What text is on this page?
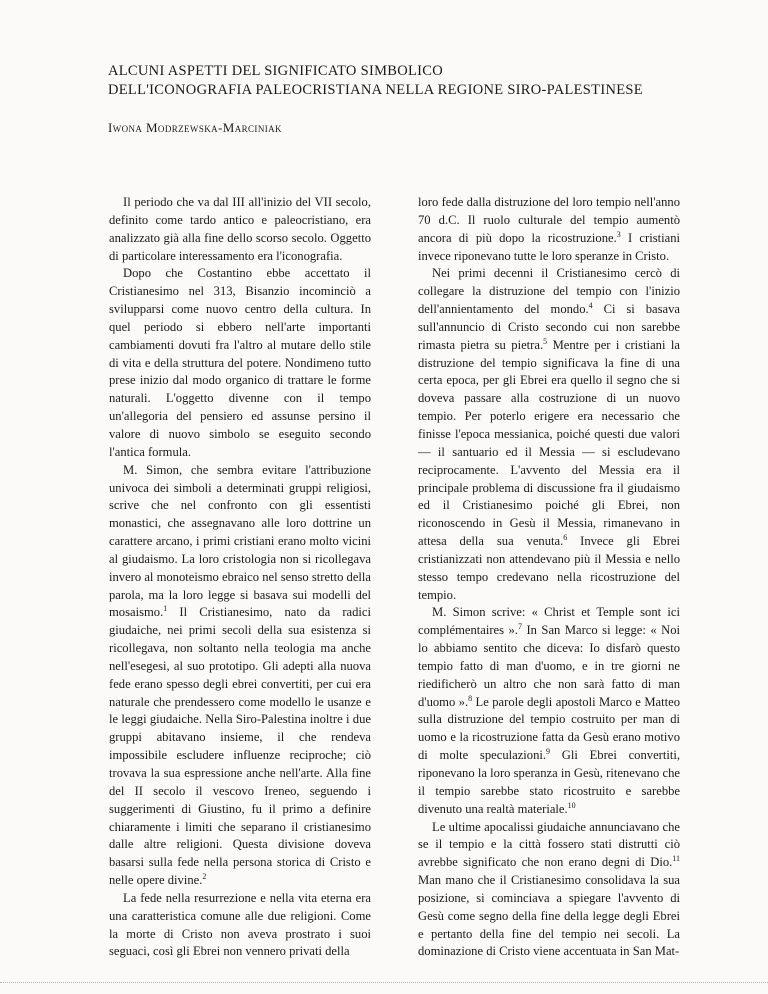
ALCUNI ASPETTI DEL SIGNIFICATO SIMBOLICO
DELL'ICONOGRAFIA PALEOCRISTIANA NELLA REGIONE SIRO-PALESTINESE
Iwona Modrzewska-Marciniak

Il periodo che va dal III all'inizio del VII secolo, definito come tardo antico e paleocristiano, era analizzato già alla fine dello scorso secolo. Oggetto di particolare interessamento era l'iconografia.

Dopo che Costantino ebbe accettato il Cristianesimo nel 313, Bisanzio incominciò a svilupparsi come nuovo centro della cultura. In quel periodo si ebbero nell'arte importanti cambiamenti dovuti fra l'altro al mutare dello stile di vita e della struttura del potere. Nondimeno tutto prese inizio dal modo organico di trattare le forme naturali. L'oggetto divenne con il tempo un'allegoria del pensiero ed assunse persino il valore di nuovo simbolo se eseguito secondo l'antica formula.

M. Simon, che sembra evitare l'attribuzione univoca dei simboli a determinati gruppi religiosi, scrive che nel confronto con gli essentisti monastici, che assegnavano alle loro dottrine un carattere arcano, i primi cristiani erano molto vicini al giudaismo. La loro cristologia non si ricollegava invero al monoteismo ebraico nel senso stretto della parola, ma la loro legge si basava sui modelli del mosaismo.$^1$ Il Cristianesimo, nato da radici giudaiche, nei primi secoli della sua esistenza si ricollegava, non soltanto nella teologia ma anche nell'esegesi, al suo prototipo. Gli adepti alla nuova fede erano spesso degli ebrei convertiti, per cui era naturale che prendessero come modello le usanze e le leggi giudaiche. Nella Siro-Palestina inoltre i due gruppi abitavano insieme, il che rendeva impossibile escludere influenze reciproche; ciò trovava la sua espressione anche nell'arte. Alla fine del II secolo il vescovo Ireneo, seguendo i suggerimenti di Giustino, fu il primo a definire chiaramente i limiti che separano il cristianesimo dalle altre religioni. Questa divisione doveva basarsi sulla fede nella persona storica di Cristo e nelle opere divine.$^2$

La fede nella resurrezione e nella vita eterna era una caratteristica comune alle due religioni. Come la morte di Cristo non aveva prostrato i suoi seguaci, così gli Ebrei non vennero privati della

loro fede dalla distruzione del loro tempio nell'anno 70 d.C. Il ruolo culturale del tempio aumentò ancora di più dopo la ricostruzione.$^3$ I cristiani invece riponevano tutte le loro speranze in Cristo.

Nei primi decenni il Cristianesimo cercò di collegare la distruzione del tempio con l'inizio dell'annientamento del mondo.$^4$ Ci si basava sull'annuncio di Cristo secondo cui non sarebbe rimasta pietra su pietra.$^5$ Mentre per i cristiani la distruzione del tempio significava la fine di una certa epoca, per gli Ebrei era quello il segno che si doveva passare alla costruzione di un nuovo tempio. Per poterlo erigere era necessario che finisse l'epoca messianica, poiché questi due valori — il santuario ed il Messia — si escludevano reciprocamente. L'avvento del Messia era il principale problema di discussione fra il giudaismo ed il Cristianesimo poiché gli Ebrei, non riconoscendo in Gesù il Messia, rimanevano in attesa della sua venuta.$^6$ Invece gli Ebrei cristianizzati non attendevano più il Messia e nello stesso tempo credevano nella ricostruzione del tempio.

M. Simon scrive: « Christ et Temple sont ici complémentaires ».$^7$ In San Marco si legge: « Noi lo abbiamo sentito che diceva: Io disfarò questo tempio fatto di man d'uomo, e in tre giorni ne riedificherò un altro che non sarà fatto di man d'uomo ».$^8$ Le parole degli apostoli Marco e Matteo sulla distruzione del tempio costruito per man di uomo e la ricostruzione fatta da Gesù erano motivo di molte speculazioni.$^9$ Gli Ebrei convertiti, riponevano la loro speranza in Gesù, ritenevano che il tempio sarebbe stato ricostruito e sarebbe divenuto una realtà materiale.$^{10}$

Le ultime apocalissi giudaiche annunciavano che se il tempio e la città fossero stati distrutti ciò avrebbe significato che non erano degni di Dio.$^{11}$ Man mano che il Cristianesimo consolidava la sua posizione, si cominciava a spiegare l'avvento di Gesù come segno della fine della legge degli Ebrei e pertanto della fine del tempio nei secoli. La dominazione di Cristo viene accentuata in San Mat-
